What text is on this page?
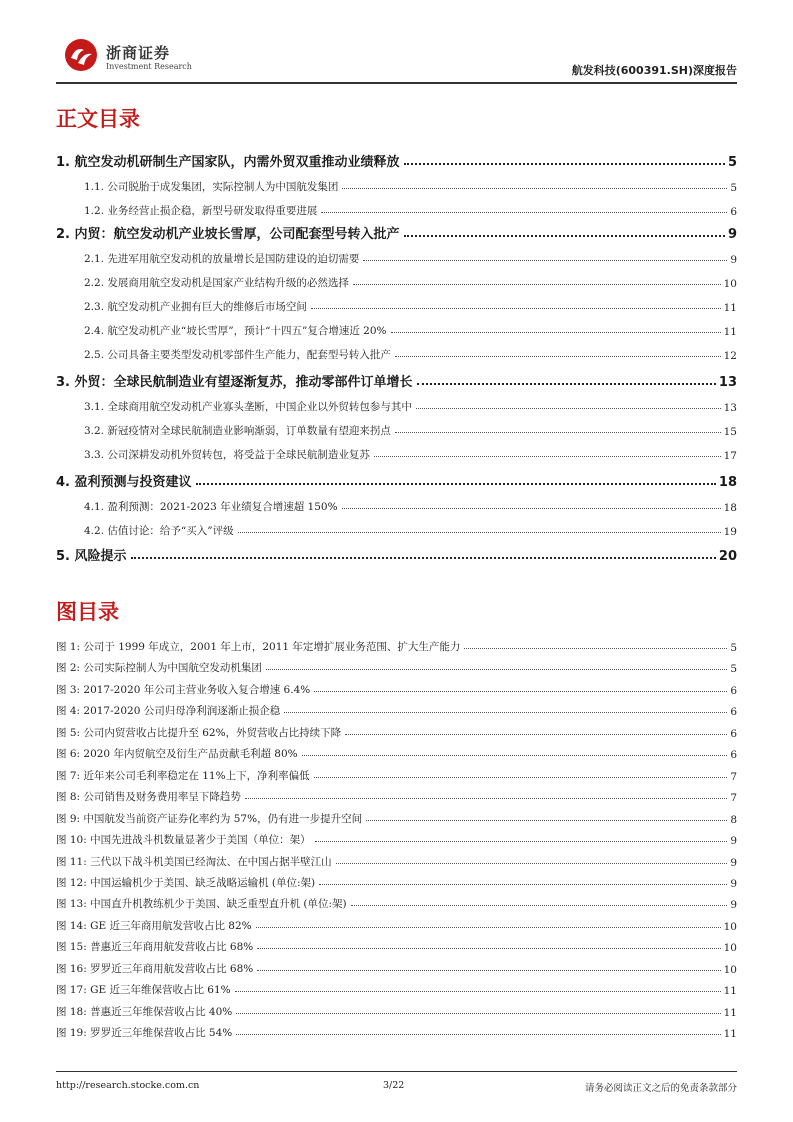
浙商证券
Investment Research	航发科技(600391.SH)深度报告
正文目录
1. 航空发动机研制生产国家队，内需外贸双重推动业绩释放	5
1.1. 公司脱胎于成发集团，实际控制人为中国航发集团	5
1.2. 业务经营止损企稳，新型号研发取得重要进展	6
2. 内贸：航空发动机产业坡长雪厚，公司配套型号转入批产	9
2.1. 先进军用航空发动机的放量增长是国防建设的迫切需要	9
2.2. 发展商用航空发动机是国家产业结构升级的必然选择	10
2.3. 航空发动机产业拥有巨大的维修后市场空间	11
2.4. 航空发动机产业“坡长雪厚”，预计“十四五”复合增速近 20%	11
2.5. 公司具备主要类型发动机零部件生产能力，配套型号转入批产	12
3. 外贸：全球民航制造业有望逐渐复苏，推动零部件订单增长	13
3.1. 全球商用航空发动机产业寡头垄断，中国企业以外贸转包参与其中	13
3.2. 新冠疫情对全球民航制造业影响渐弱，订单数量有望迎来拐点	15
3.3. 公司深耕发动机外贸转包，将受益于全球民航制造业复苏	17
4. 盈利预测与投资建议	18
4.1. 盈利预测：2021-2023 年业绩复合增速超 150%	18
4.2. 估值讨论：给予“买入”评级	19
5. 风险提示	20
图目录
图 1: 公司于 1999 年成立，2001 年上市，2011 年定增扩展业务范围、扩大生产能力	5
图 2: 公司实际控制人为中国航空发动机集团	5
图 3: 2017-2020 年公司主营业务收入复合增速 6.4%	6
图 4: 2017-2020 公司归母净利润逐渐止损企稳	6
图 5: 公司内贸营收占比提升至 62%，外贸营收占比持续下降	6
图 6: 2020 年内贸航空及衍生产品贡献毛利超 80%	6
图 7: 近年来公司毛利率稳定在 11%上下，净利率偏低	7
图 8: 公司销售及财务费用率呈下降趋势	7
图 9: 中国航发当前资产证券化率约为 57%，仍有进一步提升空间	8
图 10: 中国先进战斗机数量显著少于美国（单位：架）	9
图 11: 三代以下战斗机美国已经淘汰、在中国占据半壁江山	9
图 12: 中国运输机少于美国、缺乏战略运输机 (单位:架)	9
图 13: 中国直升机教练机少于美国、缺乏重型直升机 (单位:架)	9
图 14: GE 近三年商用航发营收占比 82%	10
图 15: 普惠近三年商用航发营收占比 68%	10
图 16: 罗罗近三年商用航发营收占比 68%	10
图 17: GE 近三年维保营收占比 61%	11
图 18: 普惠近三年维保营收占比 40%	11
图 19: 罗罗近三年维保营收占比 54%	11
http://research.stocke.com.cn	3/22	请务必阅读正文之后的免责条款部分
